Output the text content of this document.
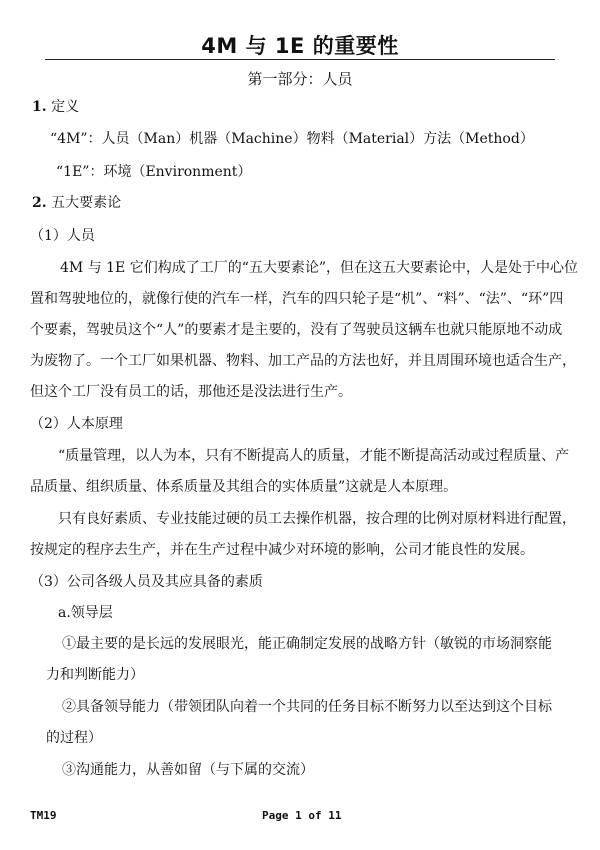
4M 与 1E 的重要性
第一部分：人员
1. 定义
“4M”：人员（Man）机器（Machine）物料（Material）方法（Method）
“1E”：环境（Environment）
2. 五大要素论
（1）人员
4M 与 1E 它们构成了工厂的“五大要素论”，但在这五大要素论中，人是处于中心位
置和驾驶地位的，就像行使的汽车一样，汽车的四只轮子是“机”、“料”、“法”、“环”四
个要素，驾驶员这个“人”的要素才是主要的，没有了驾驶员这辆车也就只能原地不动成
为废物了。一个工厂如果机器、物料、加工产品的方法也好，并且周围环境也适合生产，
但这个工厂没有员工的话，那他还是没法进行生产。
（2）人本原理
“质量管理，以人为本，只有不断提高人的质量，才能不断提高活动或过程质量、产
品质量、组织质量、体系质量及其组合的实体质量”这就是人本原理。
只有良好素质、专业技能过硬的员工去操作机器，按合理的比例对原材料进行配置，
按规定的程序去生产，并在生产过程中减少对环境的影响，公司才能良性的发展。
（3）公司各级人员及其应具备的素质
a.领导层
①最主要的是长远的发展眼光，能正确制定发展的战略方针（敏锐的市场洞察能
力和判断能力）
②具备领导能力（带领团队向着一个共同的任务目标不断努力以至达到这个目标
的过程）
③沟通能力，从善如留（与下属的交流）
TM19	Page 1 of 11
